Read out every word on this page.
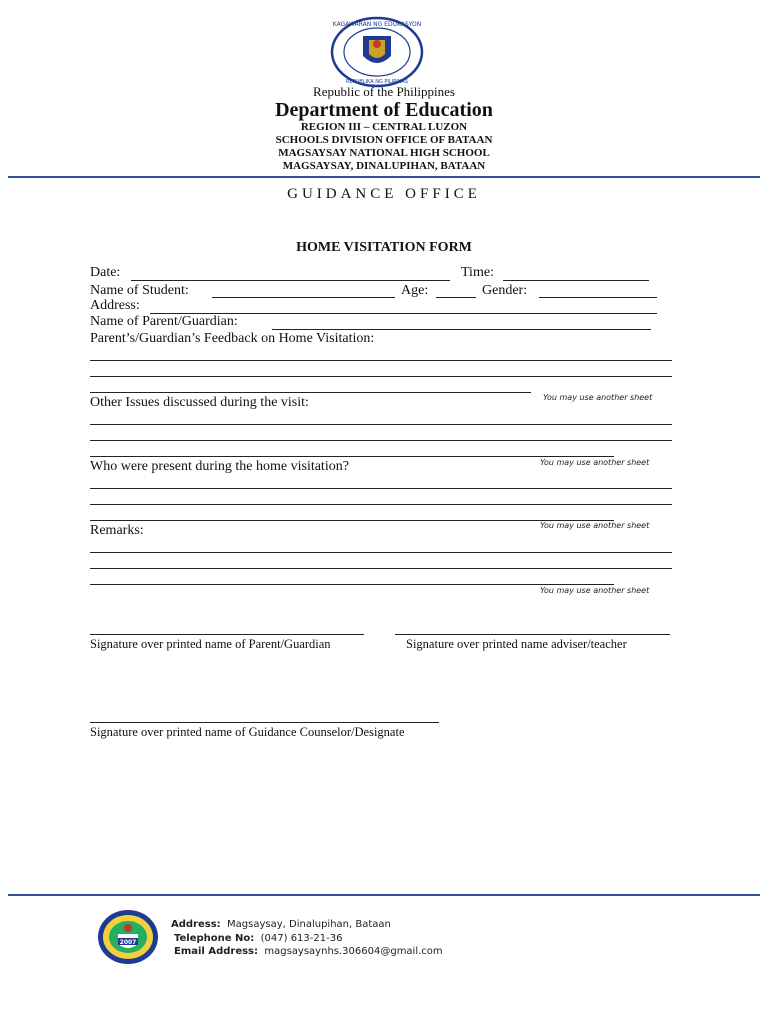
KAGAWARAN NG EDUKASYON
REPUBLIKA NG PILIPINAS
Republic of the Philippines
Department of Education
REGION III – CENTRAL LUZON
SCHOOLS DIVISION OFFICE OF BATAAN
MAGSAYSAY NATIONAL HIGH SCHOOL
MAGSAYSAY, DINALUPIHAN, BATAAN
GUIDANCE OFFICE
HOME VISITATION FORM
Date:	Time:
Name of Student:	Age:	Gender:
Address:
Name of Parent/Guardian:
Parent’s/Guardian’s Feedback on Home Visitation:
You may use another sheet
Other Issues discussed during the visit:
You may use another sheet
Who were present during the home visitation?
You may use another sheet
Remarks:
You may use another sheet
Signature over printed name of Parent/Guardian	Signature over printed name adviser/teacher
Signature over printed name of Guidance Counselor/Designate
2007
Address: Magsaysay, Dinalupihan, Bataan
Telephone No: (047) 613-21-36
Email Address: magsaysaynhs.306604@gmail.com
